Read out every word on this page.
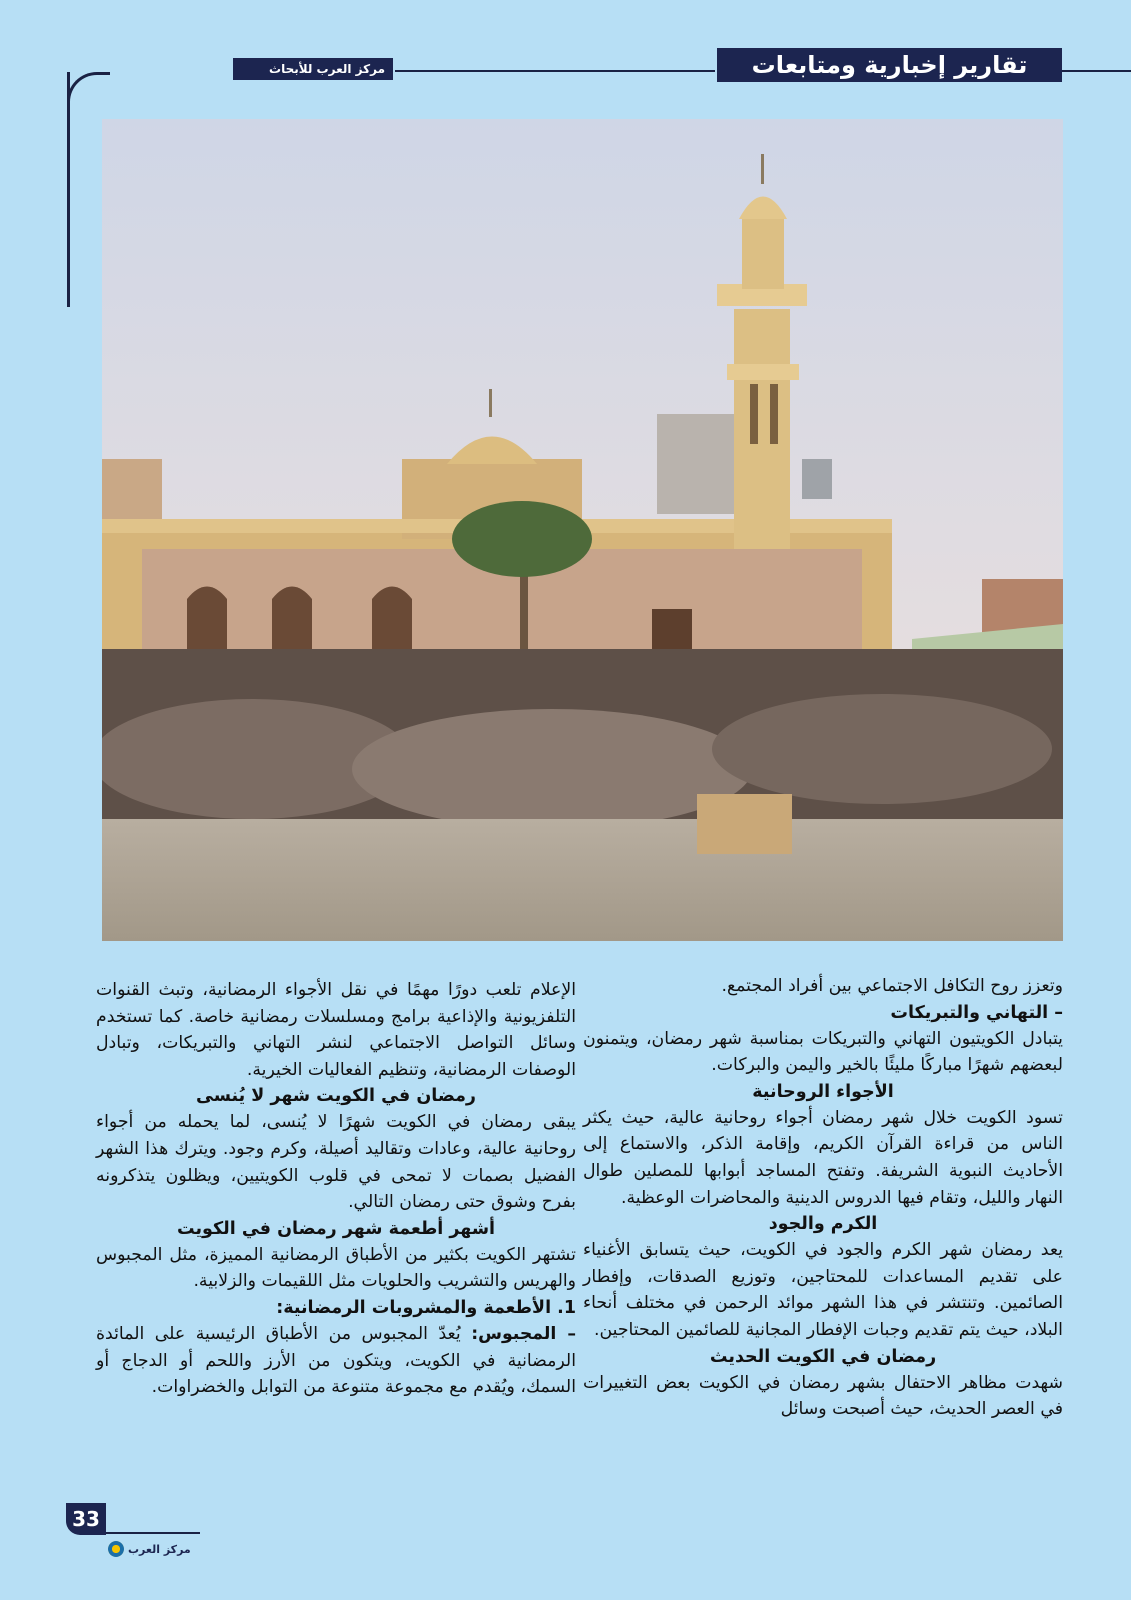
مركز العرب للأبحاث	تقارير إخبارية ومتابعات

وتعزز روح التكافل الاجتماعي بين أفراد المجتمع.

– التهاني والتبريكات

يتبادل الكويتيون التهاني والتبريكات بمناسبة شهر رمضان، ويتمنون لبعضهم شهرًا مباركًا مليئًا بالخير واليمن والبركات.

الأجواء الروحانية

تسود الكويت خلال شهر رمضان أجواء روحانية عالية، حيث يكثر الناس من قراءة القرآن الكريم، وإقامة الذكر، والاستماع إلى الأحاديث النبوية الشريفة. وتفتح المساجد أبوابها للمصلين طوال النهار والليل، وتقام فيها الدروس الدينية والمحاضرات الوعظية.

الكرم والجود

يعد رمضان شهر الكرم والجود في الكويت، حيث يتسابق الأغنياء على تقديم المساعدات للمحتاجين، وتوزيع الصدقات، وإفطار الصائمين. وتنتشر في هذا الشهر موائد الرحمن في مختلف أنحاء البلاد، حيث يتم تقديم وجبات الإفطار المجانية للصائمين المحتاجين.

رمضان في الكويت الحديث

شهدت مظاهر الاحتفال بشهر رمضان في الكويت بعض التغييرات في العصر الحديث، حيث أصبحت وسائل

الإعلام تلعب دورًا مهمًا في نقل الأجواء الرمضانية، وتبث القنوات التلفزيونية والإذاعية برامج ومسلسلات رمضانية خاصة. كما تستخدم وسائل التواصل الاجتماعي لنشر التهاني والتبريكات، وتبادل الوصفات الرمضانية، وتنظيم الفعاليات الخيرية.

رمضان في الكويت شهر لا يُنسى

يبقى رمضان في الكويت شهرًا لا يُنسى، لما يحمله من أجواء روحانية عالية، وعادات وتقاليد أصيلة، وكرم وجود. ويترك هذا الشهر الفضيل بصمات لا تمحى في قلوب الكويتيين، ويظلون يتذكرونه بفرح وشوق حتى رمضان التالي.

أشهر أطعمة شهر رمضان في الكويت

تشتهر الكويت بكثير من الأطباق الرمضانية المميزة، مثل المجبوس والهريس والتشريب والحلويات مثل اللقيمات والزلابية.

1. الأطعمة والمشروبات الرمضانية:

– المجبوس: يُعدّ المجبوس من الأطباق الرئيسية على المائدة الرمضانية في الكويت، ويتكون من الأرز واللحم أو الدجاج أو السمك، ويُقدم مع مجموعة متنوعة من التوابل والخضراوات.

33
مركز العرب
